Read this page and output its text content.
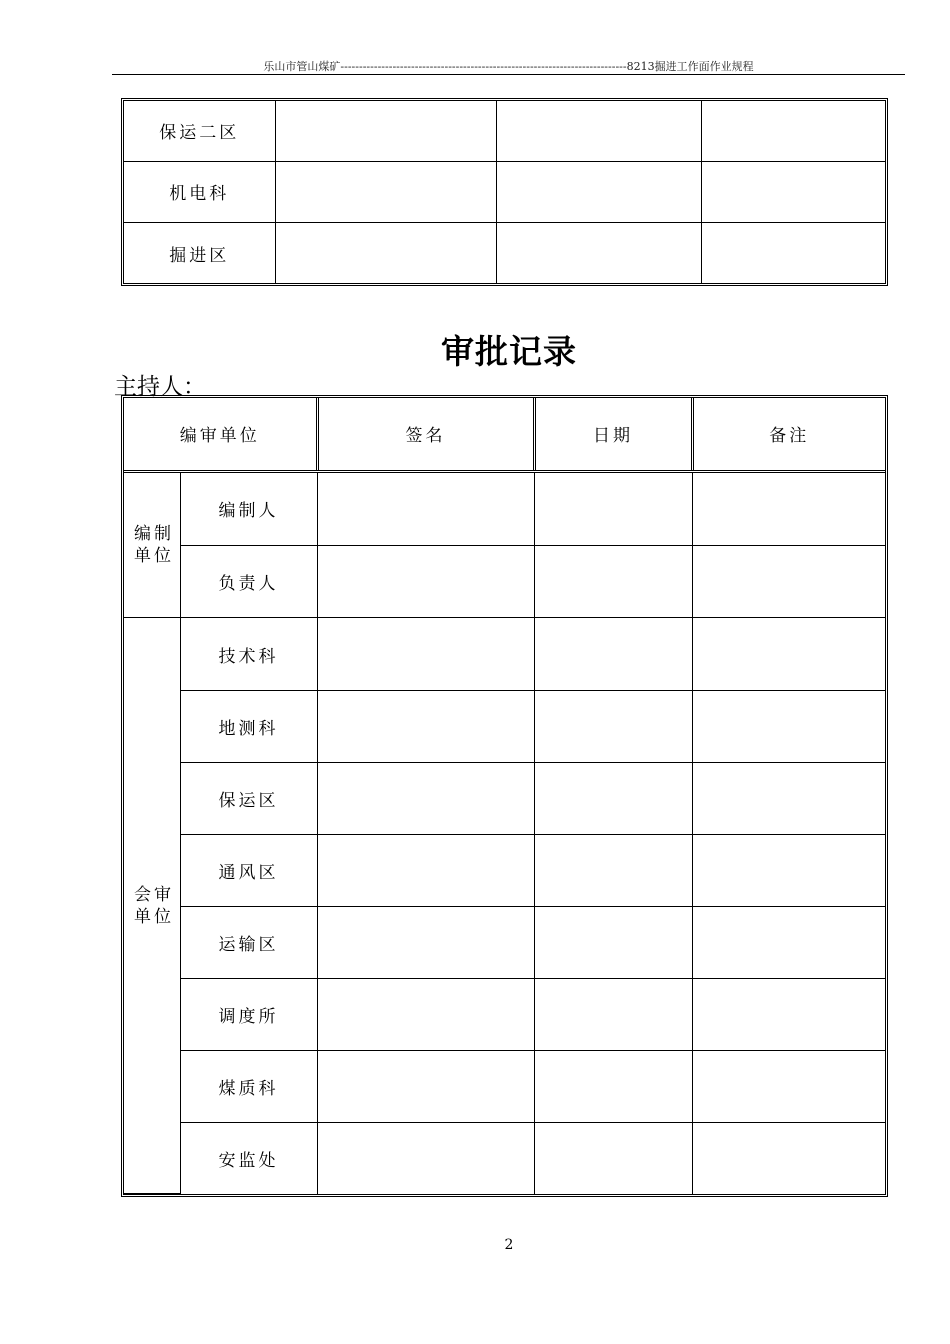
乐山市管山煤矿-----------------------------------------------------------------------------8213掘进工作面作业规程
保运二区			
机电科			
掘进区			
审批记录
主持人：
编审单位		签名	日期	备注

编制
单位	编制人			
	负责人			

会审
单位	技术科			
	地测科			
	保运区			
	通风区			
	运输区			
	调度所			
	煤质科			
	安监处			
2
